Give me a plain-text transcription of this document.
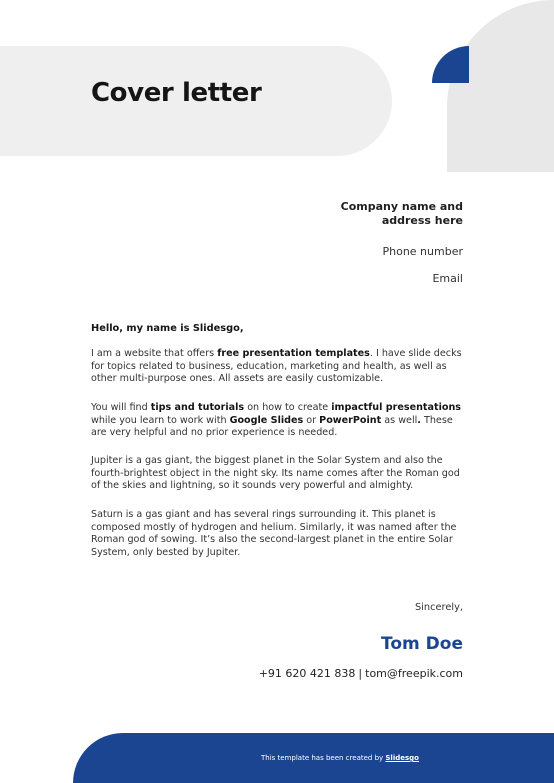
Cover letter
Company name and
address here
Phone number
Email

Hello, my name is Slidesgo,

I am a website that offers free presentation templates. I have slide decks for topics related to business, education, marketing and health, as well as other multi-purpose ones. All assets are easily customizable.

You will find tips and tutorials on how to create impactful presentations while you learn to work with Google Slides or PowerPoint as well. These are very helpful and no prior experience is needed.

Jupiter is a gas giant, the biggest planet in the Solar System and also the fourth-brightest object in the night sky. Its name comes after the Roman god of the skies and lightning, so it sounds very powerful and almighty.

Saturn is a gas giant and has several rings surrounding it. This planet is composed mostly of hydrogen and helium. Similarly, it was named after the Roman god of sowing. It’s also the second-largest planet in the entire Solar System, only bested by Jupiter.

Sincerely,
Tom Doe
+91 620 421 838 | tom@freepik.com
This template has been created by Slidesgo
